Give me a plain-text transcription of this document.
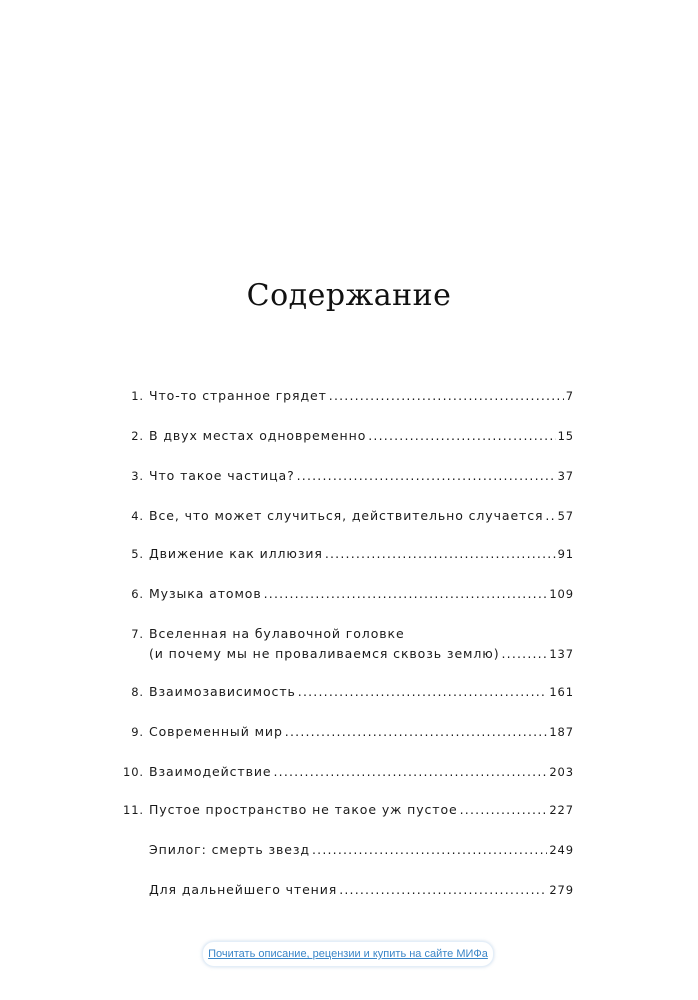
Содержание
1. Что-то странное грядет .....	7
2. В двух местах одновременно .....	15
3. Что такое частица? .....	37
4. Все, что может случиться, действительно случается ..... 57
5. Движение как иллюзия .....	91
6. Музыка атомов .....	109
7. Вселенная на булавочной головке
(и почему мы не проваливаемся сквозь землю) .....	137
8. Взаимозависимость .....	161
9. Современный мир .....	187
10. Взаимодействие .....	203
11. Пустое пространство не такое уж пустое .....	227
Эпилог: смерть звезд .....	249
Для дальнейшего чтения .....	279
Почитать описание, рецензии и купить на сайте МИФа
